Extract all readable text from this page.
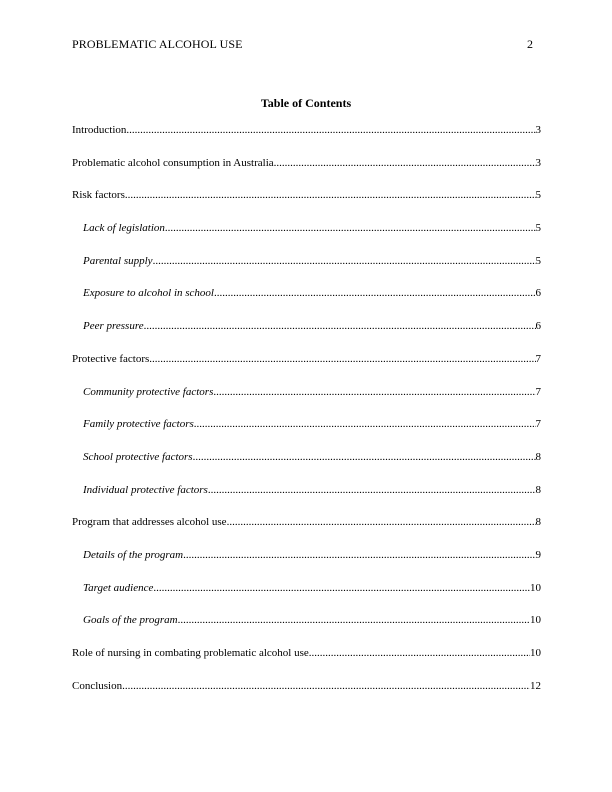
PROBLEMATIC ALCOHOL USE	2
Table of Contents
Introduction .....	3
Problematic alcohol consumption in Australia .....	3
Risk factors .....	5
Lack of legislation .....	5
Parental supply .....	5
Exposure to alcohol in school .....	6
Peer pressure .....	6
Protective factors .....	7
Community protective factors .....	7
Family protective factors .....	7
School protective factors .....	8
Individual protective factors .....	8
Program that addresses alcohol use .....	8
Details of the program .....	9
Target audience .....	10
Goals of the program .....	10
Role of nursing in combating problematic alcohol use .....	10
Conclusion .....	12
